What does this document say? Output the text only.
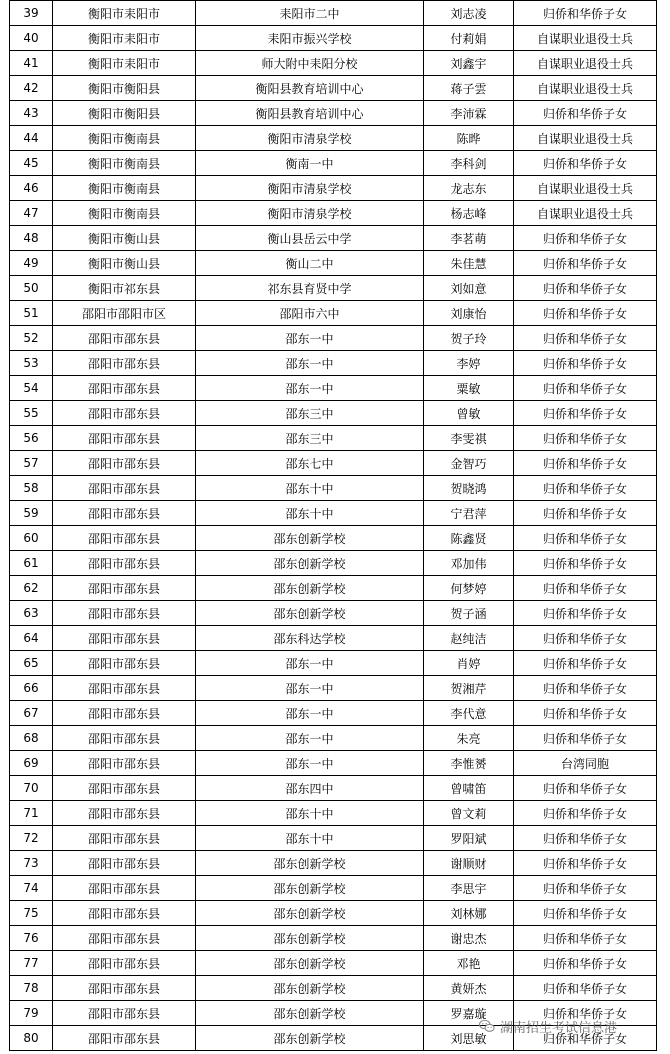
39	衡阳市耒阳市	耒阳市二中	刘志凌	归侨和华侨子女
40	衡阳市耒阳市	耒阳市振兴学校	付莉娟	自谋职业退役士兵
41	衡阳市耒阳市	师大附中耒阳分校	刘鑫宇	自谋职业退役士兵
42	衡阳市衡阳县	衡阳县教育培训中心	蒋子雲	自谋职业退役士兵
43	衡阳市衡阳县	衡阳县教育培训中心	李沛霖	归侨和华侨子女
44	衡阳市衡南县	衡阳市清泉学校	陈晔	自谋职业退役士兵
45	衡阳市衡南县	衡南一中	李科剑	归侨和华侨子女
46	衡阳市衡南县	衡阳市清泉学校	龙志东	自谋职业退役士兵
47	衡阳市衡南县	衡阳市清泉学校	杨志峰	自谋职业退役士兵
48	衡阳市衡山县	衡山县岳云中学	李茗萌	归侨和华侨子女
49	衡阳市衡山县	衡山二中	朱佳慧	归侨和华侨子女
50	衡阳市祁东县	祁东县育贤中学	刘如意	归侨和华侨子女
51	邵阳市邵阳市区	邵阳市六中	刘康怡	归侨和华侨子女
52	邵阳市邵东县	邵东一中	贺子玲	归侨和华侨子女
53	邵阳市邵东县	邵东一中	李婷	归侨和华侨子女
54	邵阳市邵东县	邵东一中	粟敏	归侨和华侨子女
55	邵阳市邵东县	邵东三中	曾敏	归侨和华侨子女
56	邵阳市邵东县	邵东三中	李雯祺	归侨和华侨子女
57	邵阳市邵东县	邵东七中	金智巧	归侨和华侨子女
58	邵阳市邵东县	邵东十中	贺晓鸿	归侨和华侨子女
59	邵阳市邵东县	邵东十中	宁君萍	归侨和华侨子女
60	邵阳市邵东县	邵东创新学校	陈鑫贤	归侨和华侨子女
61	邵阳市邵东县	邵东创新学校	邓加伟	归侨和华侨子女
62	邵阳市邵东县	邵东创新学校	何梦婷	归侨和华侨子女
63	邵阳市邵东县	邵东创新学校	贺子涵	归侨和华侨子女
64	邵阳市邵东县	邵东科达学校	赵纯洁	归侨和华侨子女
65	邵阳市邵东县	邵东一中	肖婷	归侨和华侨子女
66	邵阳市邵东县	邵东一中	贺湘芹	归侨和华侨子女
67	邵阳市邵东县	邵东一中	李代意	归侨和华侨子女
68	邵阳市邵东县	邵东一中	朱亮	归侨和华侨子女
69	邵阳市邵东县	邵东一中	李惟赟	台湾同胞
70	邵阳市邵东县	邵东四中	曾啸笛	归侨和华侨子女
71	邵阳市邵东县	邵东十中	曾文莉	归侨和华侨子女
72	邵阳市邵东县	邵东十中	罗阳斌	归侨和华侨子女
73	邵阳市邵东县	邵东创新学校	谢顺财	归侨和华侨子女
74	邵阳市邵东县	邵东创新学校	李思宇	归侨和华侨子女
75	邵阳市邵东县	邵东创新学校	刘林娜	归侨和华侨子女
76	邵阳市邵东县	邵东创新学校	谢忠杰	归侨和华侨子女
77	邵阳市邵东县	邵东创新学校	邓艳	归侨和华侨子女
78	邵阳市邵东县	邵东创新学校	黄妍杰	归侨和华侨子女
79	邵阳市邵东县	邵东创新学校	罗嘉璇	归侨和华侨子女
80	邵阳市邵东县	邵东创新学校	刘思敏	归侨和华侨子女
湖南招生考试信息港
